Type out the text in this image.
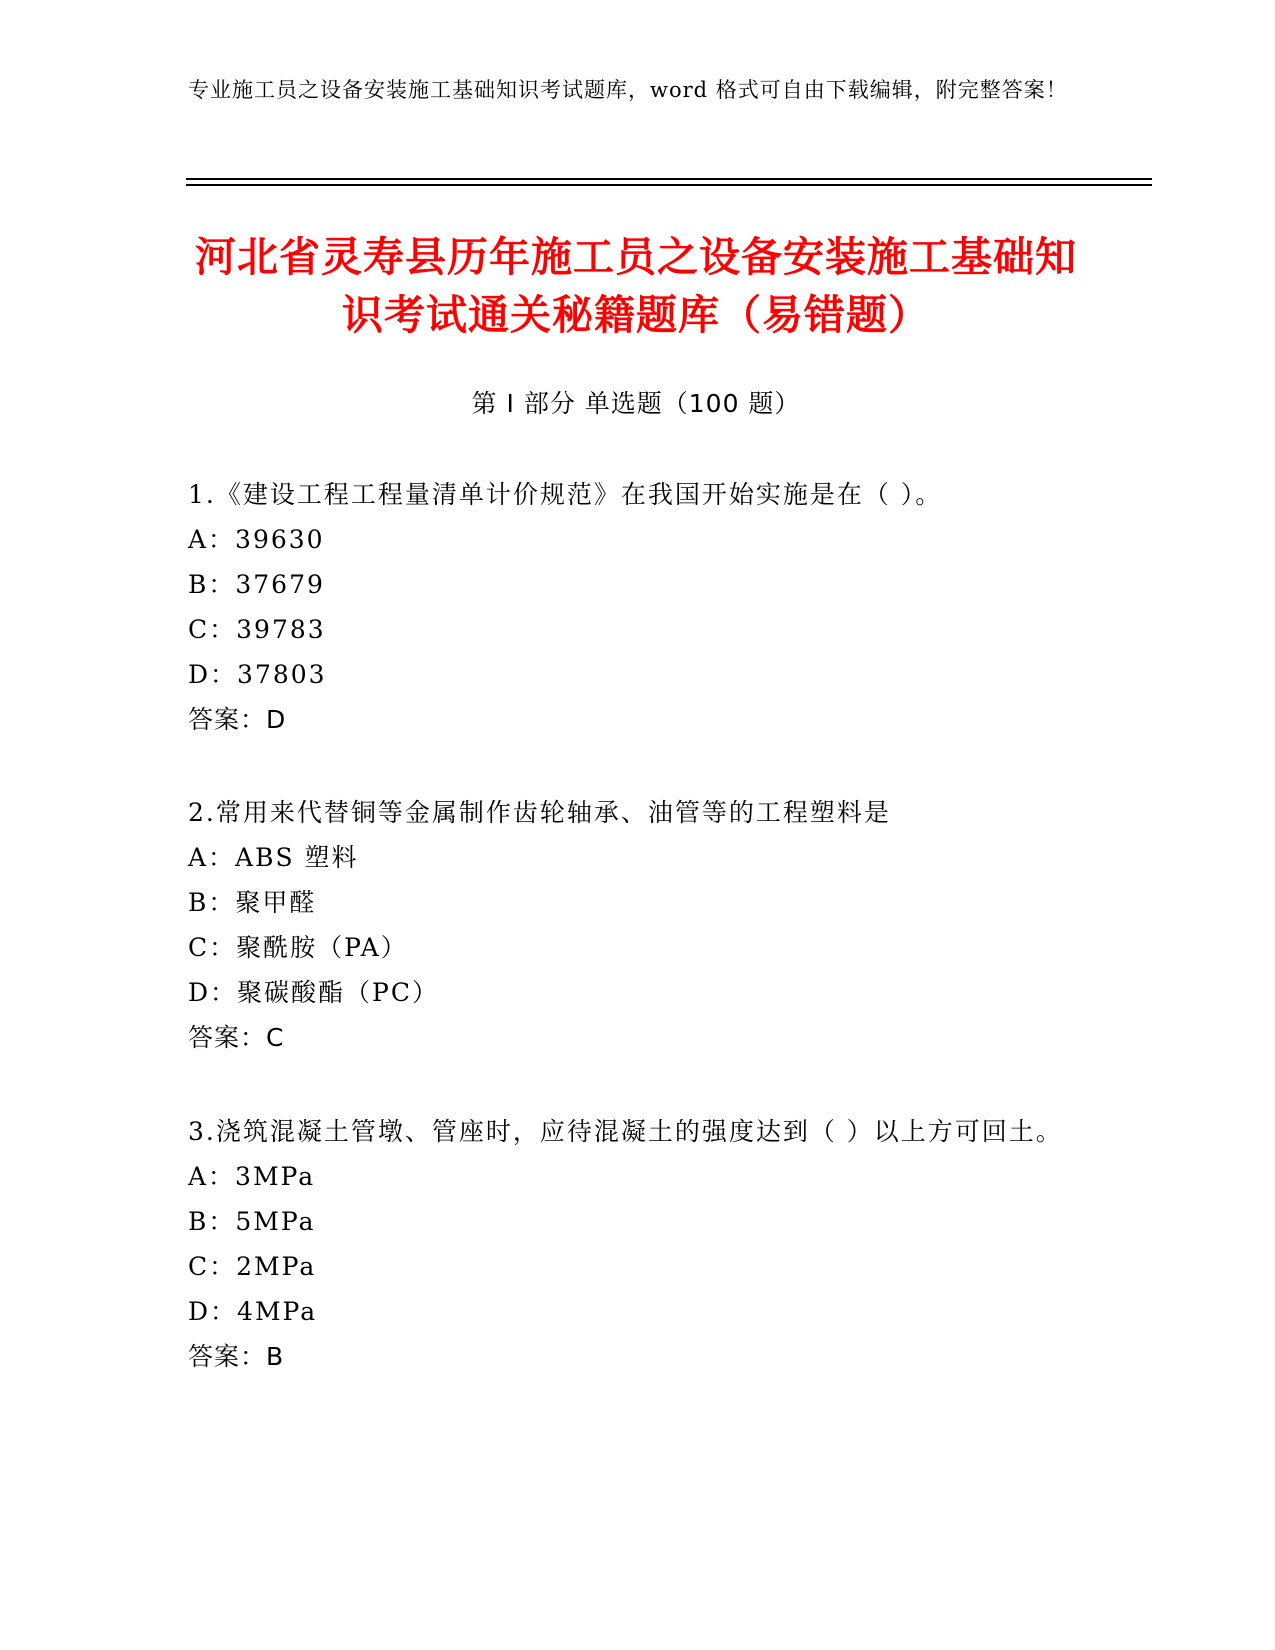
专业施工员之设备安装施工基础知识考试题库，word 格式可自由下载编辑，附完整答案！
河北省灵寿县历年施工员之设备安装施工基础知识考试通关秘籍题库（易错题）
第 I 部分 单选题（100 题）

1.《建设工程工程量清单计价规范》在我国开始实施是在（ ）。

A：39630

B：37679

C：39783

D：37803

答案：D

2.常用来代替铜等金属制作齿轮轴承、油管等的工程塑料是

A：ABS 塑料

B：聚甲醛

C：聚酰胺（PA）

D：聚碳酸酯（PC）

答案：C

3.浇筑混凝土管墩、管座时，应待混凝土的强度达到（ ）以上方可回土。

A：3MPa

B：5MPa

C：2MPa

D：4MPa

答案：B
